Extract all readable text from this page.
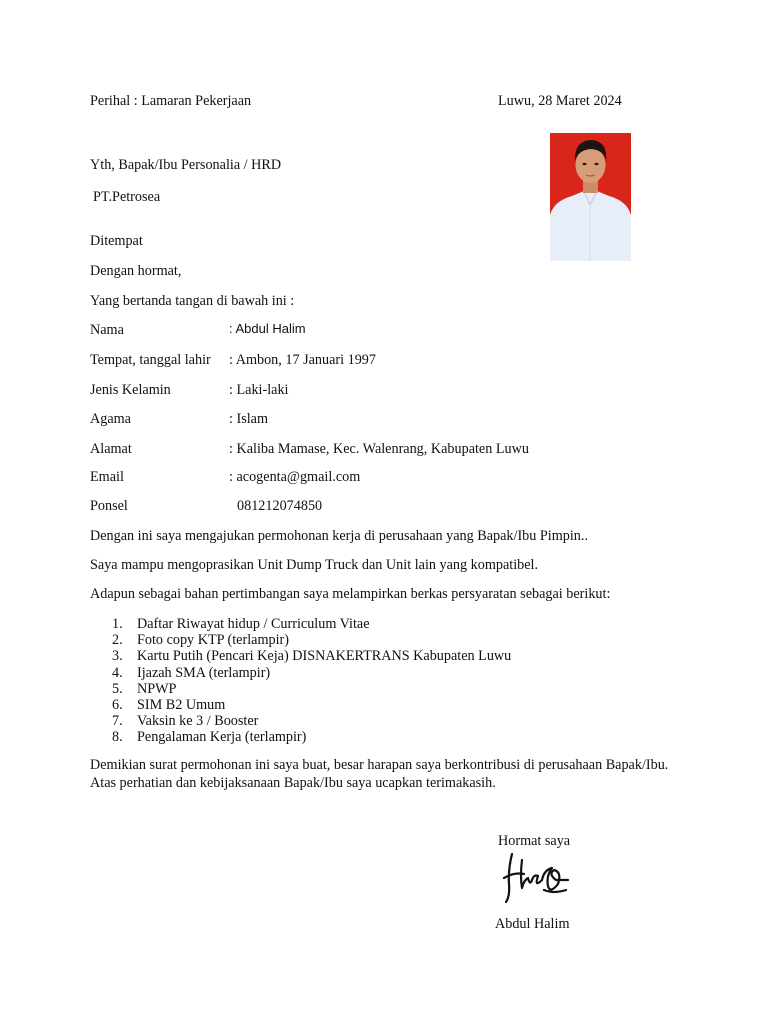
Perihal : Lamaran Pekerjaan	Luwu, 28 Maret 2024
Yth, Bapak/Ibu Personalia / HRD
PT.Petrosea
Ditempat
Dengan hormat,
Yang bertanda tangan di bawah ini :
Nama	: Abdul Halim
Tempat, tanggal lahir : Ambon, 17 Januari 1997
Jenis Kelamin	: Laki-laki
Agama	: Islam
Alamat	: Kaliba Mamase, Kec. Walenrang, Kabupaten Luwu
Email	: acogenta@gmail.com
Ponsel	081212074850
Dengan ini saya mengajukan permohonan kerja di perusahaan yang Bapak/Ibu Pimpin..
Saya mampu mengoprasikan Unit Dump Truck dan Unit lain yang kompatibel.
Adapun sebagai bahan pertimbangan saya melampirkan berkas persyaratan sebagai berikut:
1. Daftar Riwayat hidup / Curriculum Vitae
2. Foto copy KTP (terlampir)
3. Kartu Putih (Pencari Keja) DISNAKERTRANS Kabupaten Luwu
4. Ijazah SMA (terlampir)
5. NPWP
6. SIM B2 Umum
7. Vaksin ke 3 / Booster
8. Pengalaman Kerja (terlampir)
Demikian surat permohonan ini saya buat, besar harapan saya berkontribusi di perusahaan Bapak/Ibu.
Atas perhatian dan kebijaksanaan Bapak/Ibu saya ucapkan terimakasih.
Hormat saya
Abdul Halim
